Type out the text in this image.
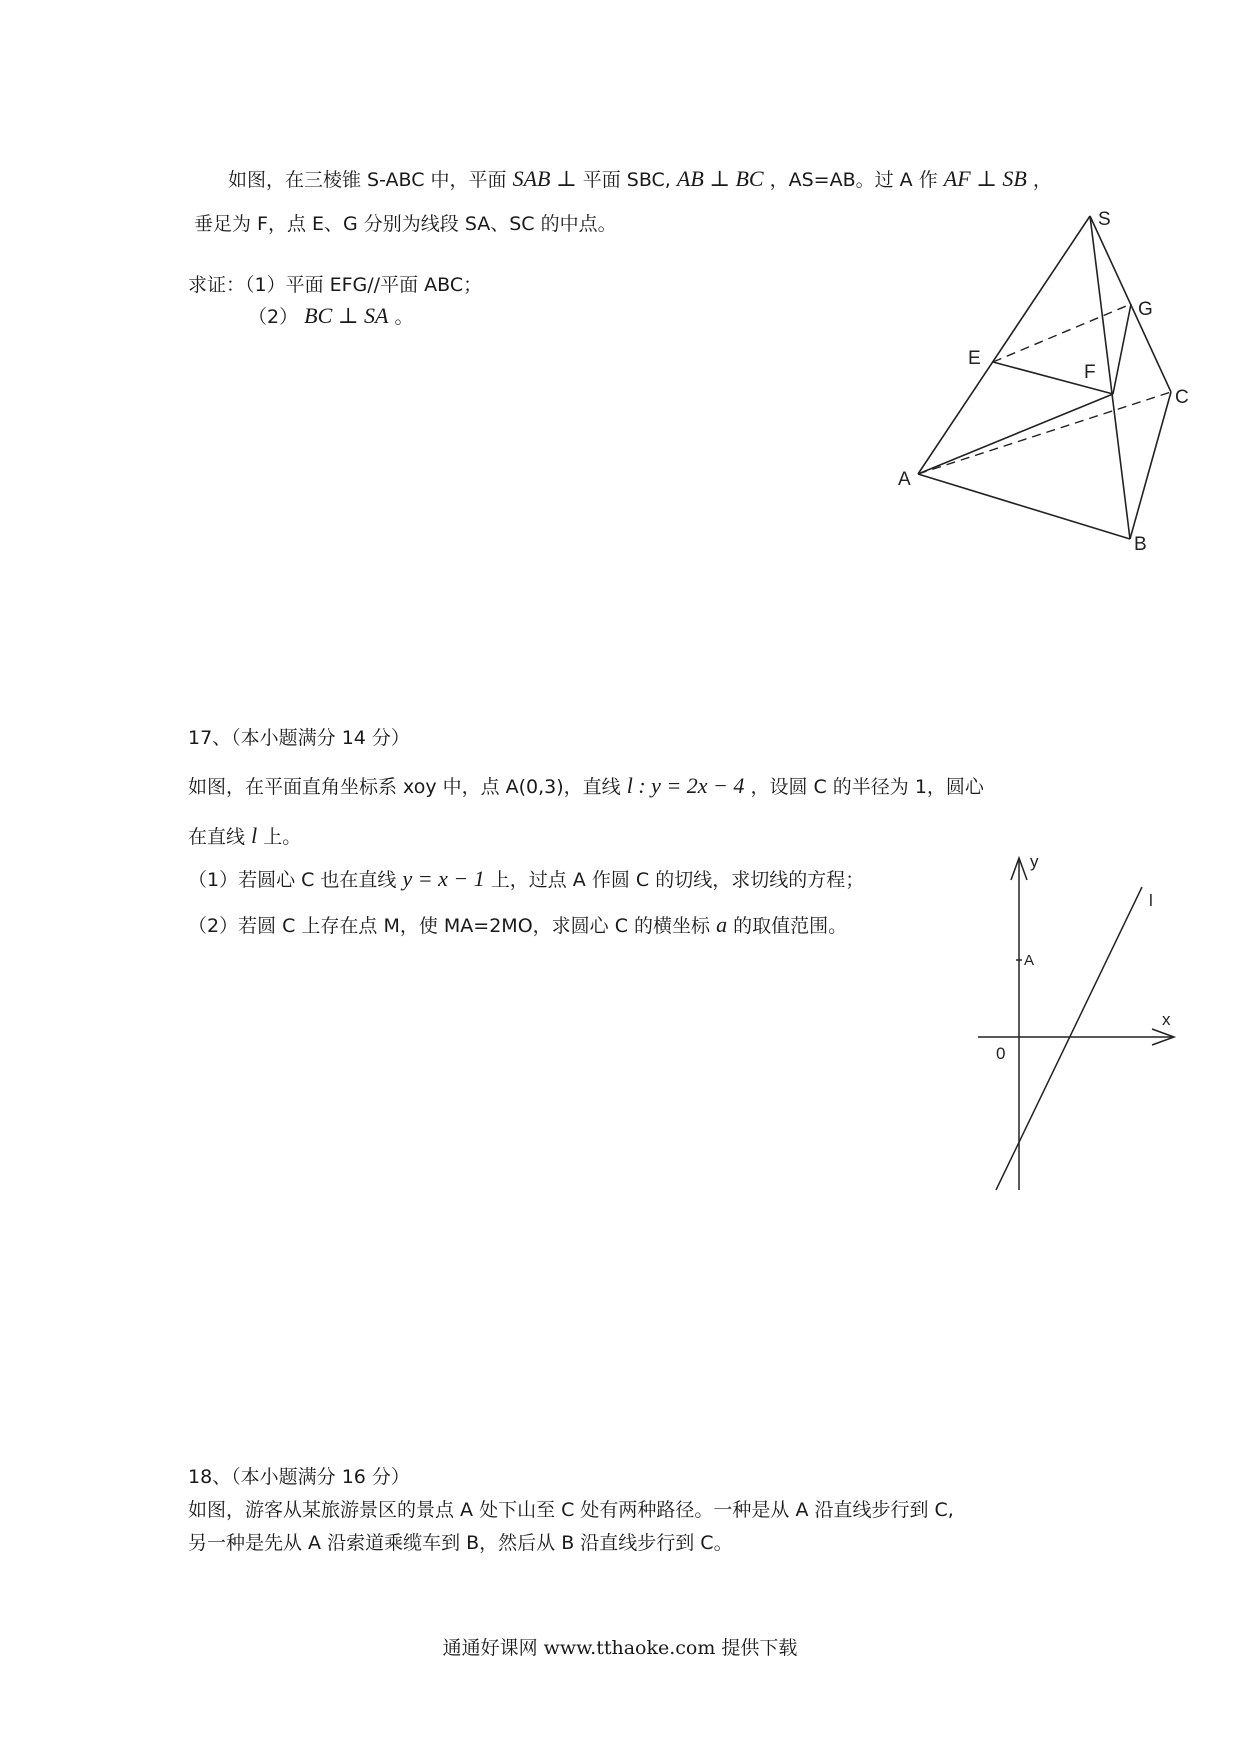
如图，在三棱锥 S-ABC 中，平面 SAB ⊥ 平面 SBC, AB ⊥ BC ，AS=AB。过 A 作 AF ⊥ SB ，
垂足为 F，点 E、G 分别为线段 SA、SC 的中点。
求证：（1）平面 EFG//平面 ABC；
（2） BC ⊥ SA 。
S
G
E
F
C
A
B
17、（本小题满分 14 分）
如图，在平面直角坐标系 xoy 中，点 A(0,3)，直线 l : y = 2x − 4 ，设圆 C 的半径为 1，圆心
在直线 l 上。
（1）若圆心 C 也在直线 y = x − 1 上，过点 A 作圆 C 的切线，求切线的方程；
（2）若圆 C 上存在点 M，使 MA=2MO，求圆心 C 的横坐标 a 的取值范围。
y
l
A
x
0
18、（本小题满分 16 分）
如图，游客从某旅游景区的景点 A 处下山至 C 处有两种路径。一种是从 A 沿直线步行到 C,
另一种是先从 A 沿索道乘缆车到 B，然后从 B 沿直线步行到 C。
通通好课网 www.tthaoke.com 提供下载
